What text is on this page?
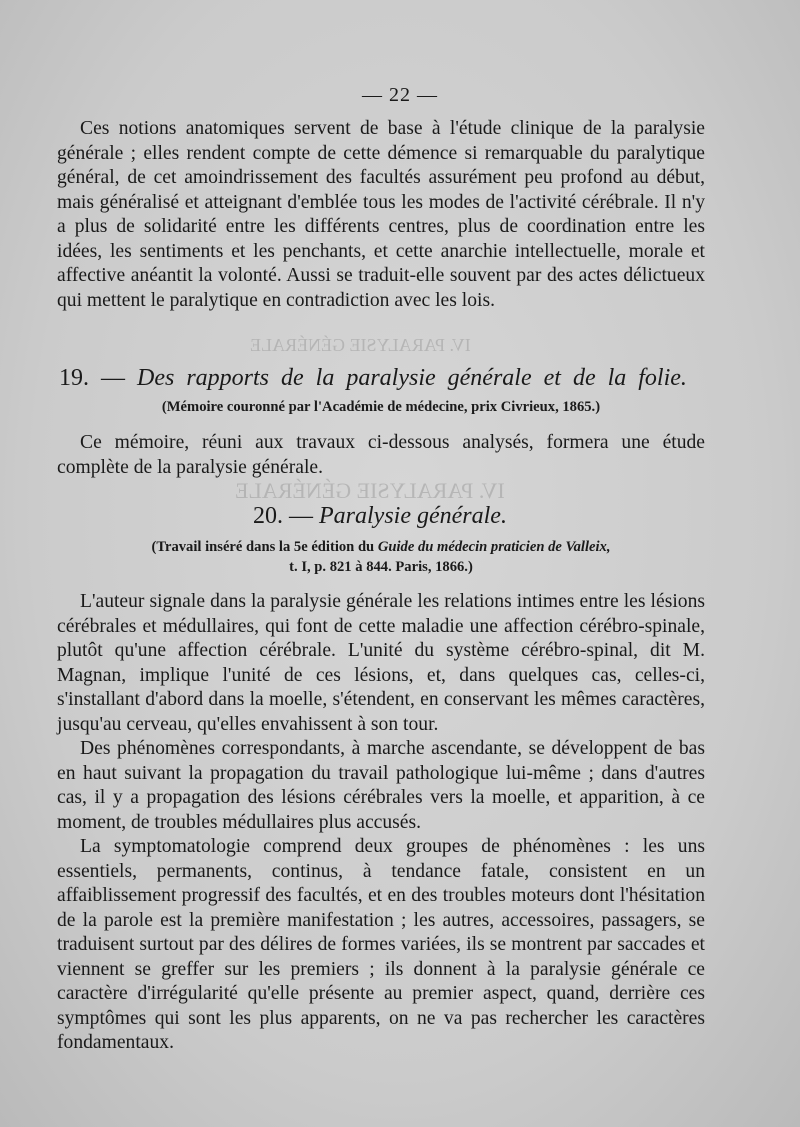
IV. PARALYSIE GÉNÉRALE
IV. PARALYSIE GÉNÉRALE
— 22 —

Ces notions anatomiques servent de base à l'étude clinique de la paralysie générale ; elles rendent compte de cette démence si remarquable du paralytique général, de cet amoindrissement des facultés assurément peu profond au début, mais généralisé et atteignant d'emblée tous les modes de l'activité cérébrale. Il n'y a plus de solidarité entre les différents centres, plus de coordination entre les idées, les sentiments et les penchants, et cette anarchie intellectuelle, morale et affective anéantit la volonté. Aussi se traduit-elle souvent par des actes délictueux qui mettent le paralytique en contradiction avec les lois.

19. — Des rapports de la paralysie générale et de la folie.
(Mémoire couronné par l'Académie de médecine, prix Civrieux, 1865.)

Ce mémoire, réuni aux travaux ci-dessous analysés, formera une étude complète de la paralysie générale.

20. — Paralysie générale.
(Travail inséré dans la 5e édition du Guide du médecin praticien de Valleix,
t. I, p. 821 à 844. Paris, 1866.)

L'auteur signale dans la paralysie générale les relations intimes entre les lésions cérébrales et médullaires, qui font de cette maladie une affection cérébro-spinale, plutôt qu'une affection cérébrale. L'unité du système cérébro-spinal, dit M. Magnan, implique l'unité de ces lésions, et, dans quelques cas, celles-ci, s'installant d'abord dans la moelle, s'étendent, en conservant les mêmes caractères, jusqu'au cerveau, qu'elles envahissent à son tour.

Des phénomènes correspondants, à marche ascendante, se développent de bas en haut suivant la propagation du travail pathologique lui-même ; dans d'autres cas, il y a propagation des lésions cérébrales vers la moelle, et apparition, à ce moment, de troubles médullaires plus accusés.

La symptomatologie comprend deux groupes de phénomènes : les uns essentiels, permanents, continus, à tendance fatale, consistent en un affaiblissement progressif des facultés, et en des troubles moteurs dont l'hésitation de la parole est la première manifestation ; les autres, accessoires, passagers, se traduisent surtout par des délires de formes variées, ils se montrent par saccades et viennent se greffer sur les premiers ; ils donnent à la paralysie générale ce caractère d'irrégularité qu'elle présente au premier aspect, quand, derrière ces symptômes qui sont les plus apparents, on ne va pas rechercher les caractères fondamentaux.
